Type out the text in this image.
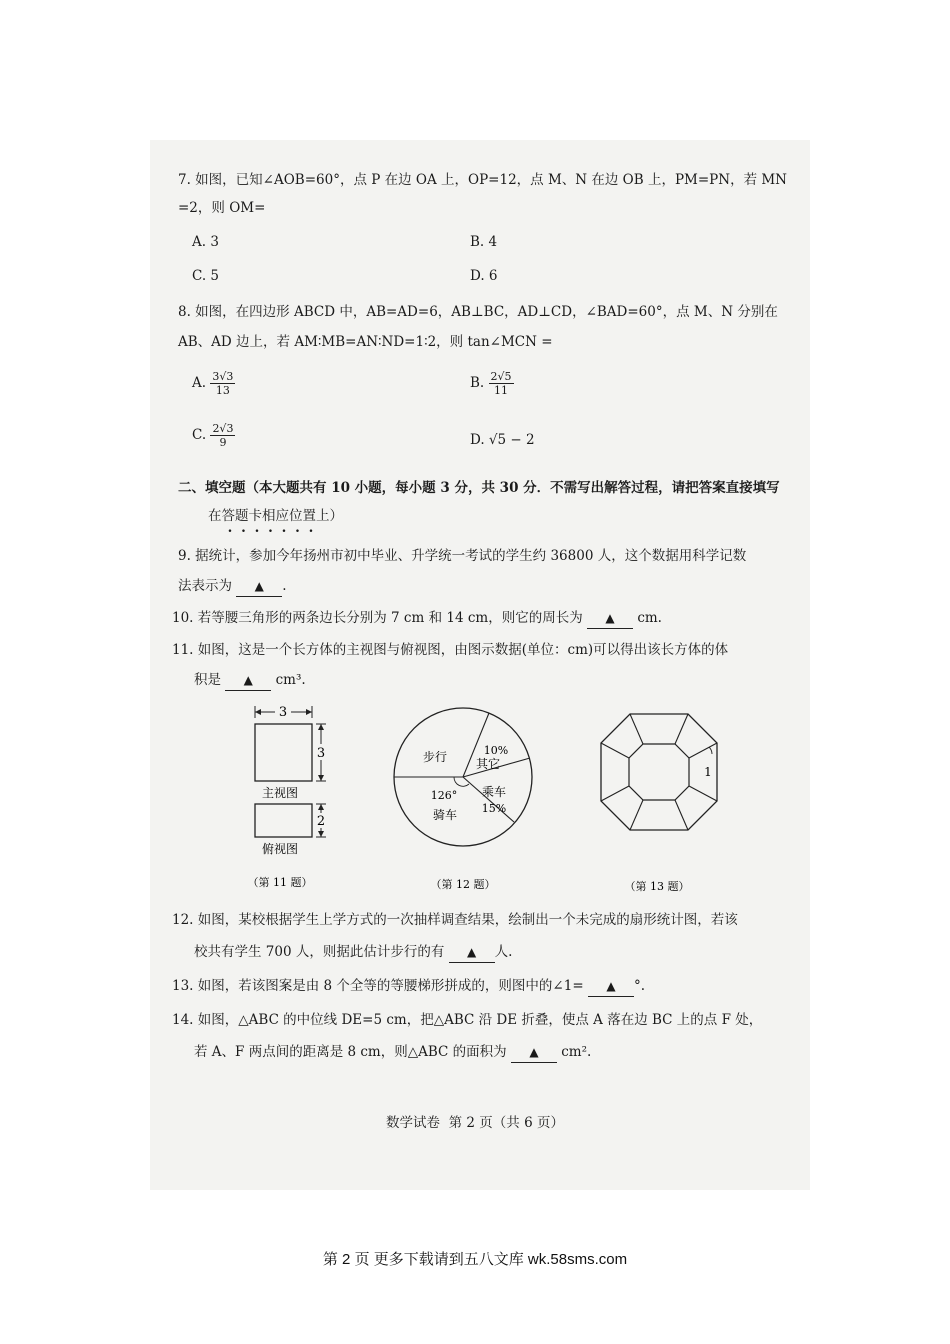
7. 如图，已知∠AOB=60°，点 P 在边 OA 上，OP=12，点 M、N 在边 OB 上，PM=PN，若 MN
=2，则 OM=
A. 3	B. 4
C. 5	D. 6
8. 如图，在四边形 ABCD 中，AB=AD=6，AB⊥BC，AD⊥CD，∠BAD=60°，点 M、N 分别在
AB、AD 边上，若 AM∶MB=AN∶ND=1∶2，则 tan∠MCN =
A. $\frac{3√3}{13}$	B. $\frac{2√5}{11}$
C. $\frac{2√3}{9}$	D. √5 − 2
二、填空题（本大题共有 10 小题，每小题 3 分，共 30 分．不需写出解答过程，请把答案直接填写
在答题卡相应位置上）
9. 据统计，参加今年扬州市初中毕业、升学统一考试的学生约 36800 人，这个数据用科学记数
法表示为 ▲ .
10. 若等腰三角形的两条边长分别为 7 cm 和 14 cm，则它的周长为 ▲ cm.
11. 如图，这是一个长方体的主视图与俯视图，由图示数据(单位：cm)可以得出该长方体的体
积是 ▲ cm³.
3
3
主视图
2
俯视图
（第 11 题）
步行	10%
其它
乘车
15%
126°
骑车
（第 12 题）
1
（第 13 题）
12. 如图，某校根据学生上学方式的一次抽样调查结果，绘制出一个未完成的扇形统计图，若该
校共有学生 700 人，则据此估计步行的有 ▲ 人.
13. 如图，若该图案是由 8 个全等的等腰梯形拼成的，则图中的∠1= ▲ °.
14. 如图，△ABC 的中位线 DE=5 cm，把△ABC 沿 DE 折叠，使点 A 落在边 BC 上的点 F 处，
若 A、F 两点间的距离是 8 cm，则△ABC 的面积为 ▲ cm².
数学试卷  第 2 页（共 6 页）
第 2 页 更多下载请到五八文库 wk.58sms.com
